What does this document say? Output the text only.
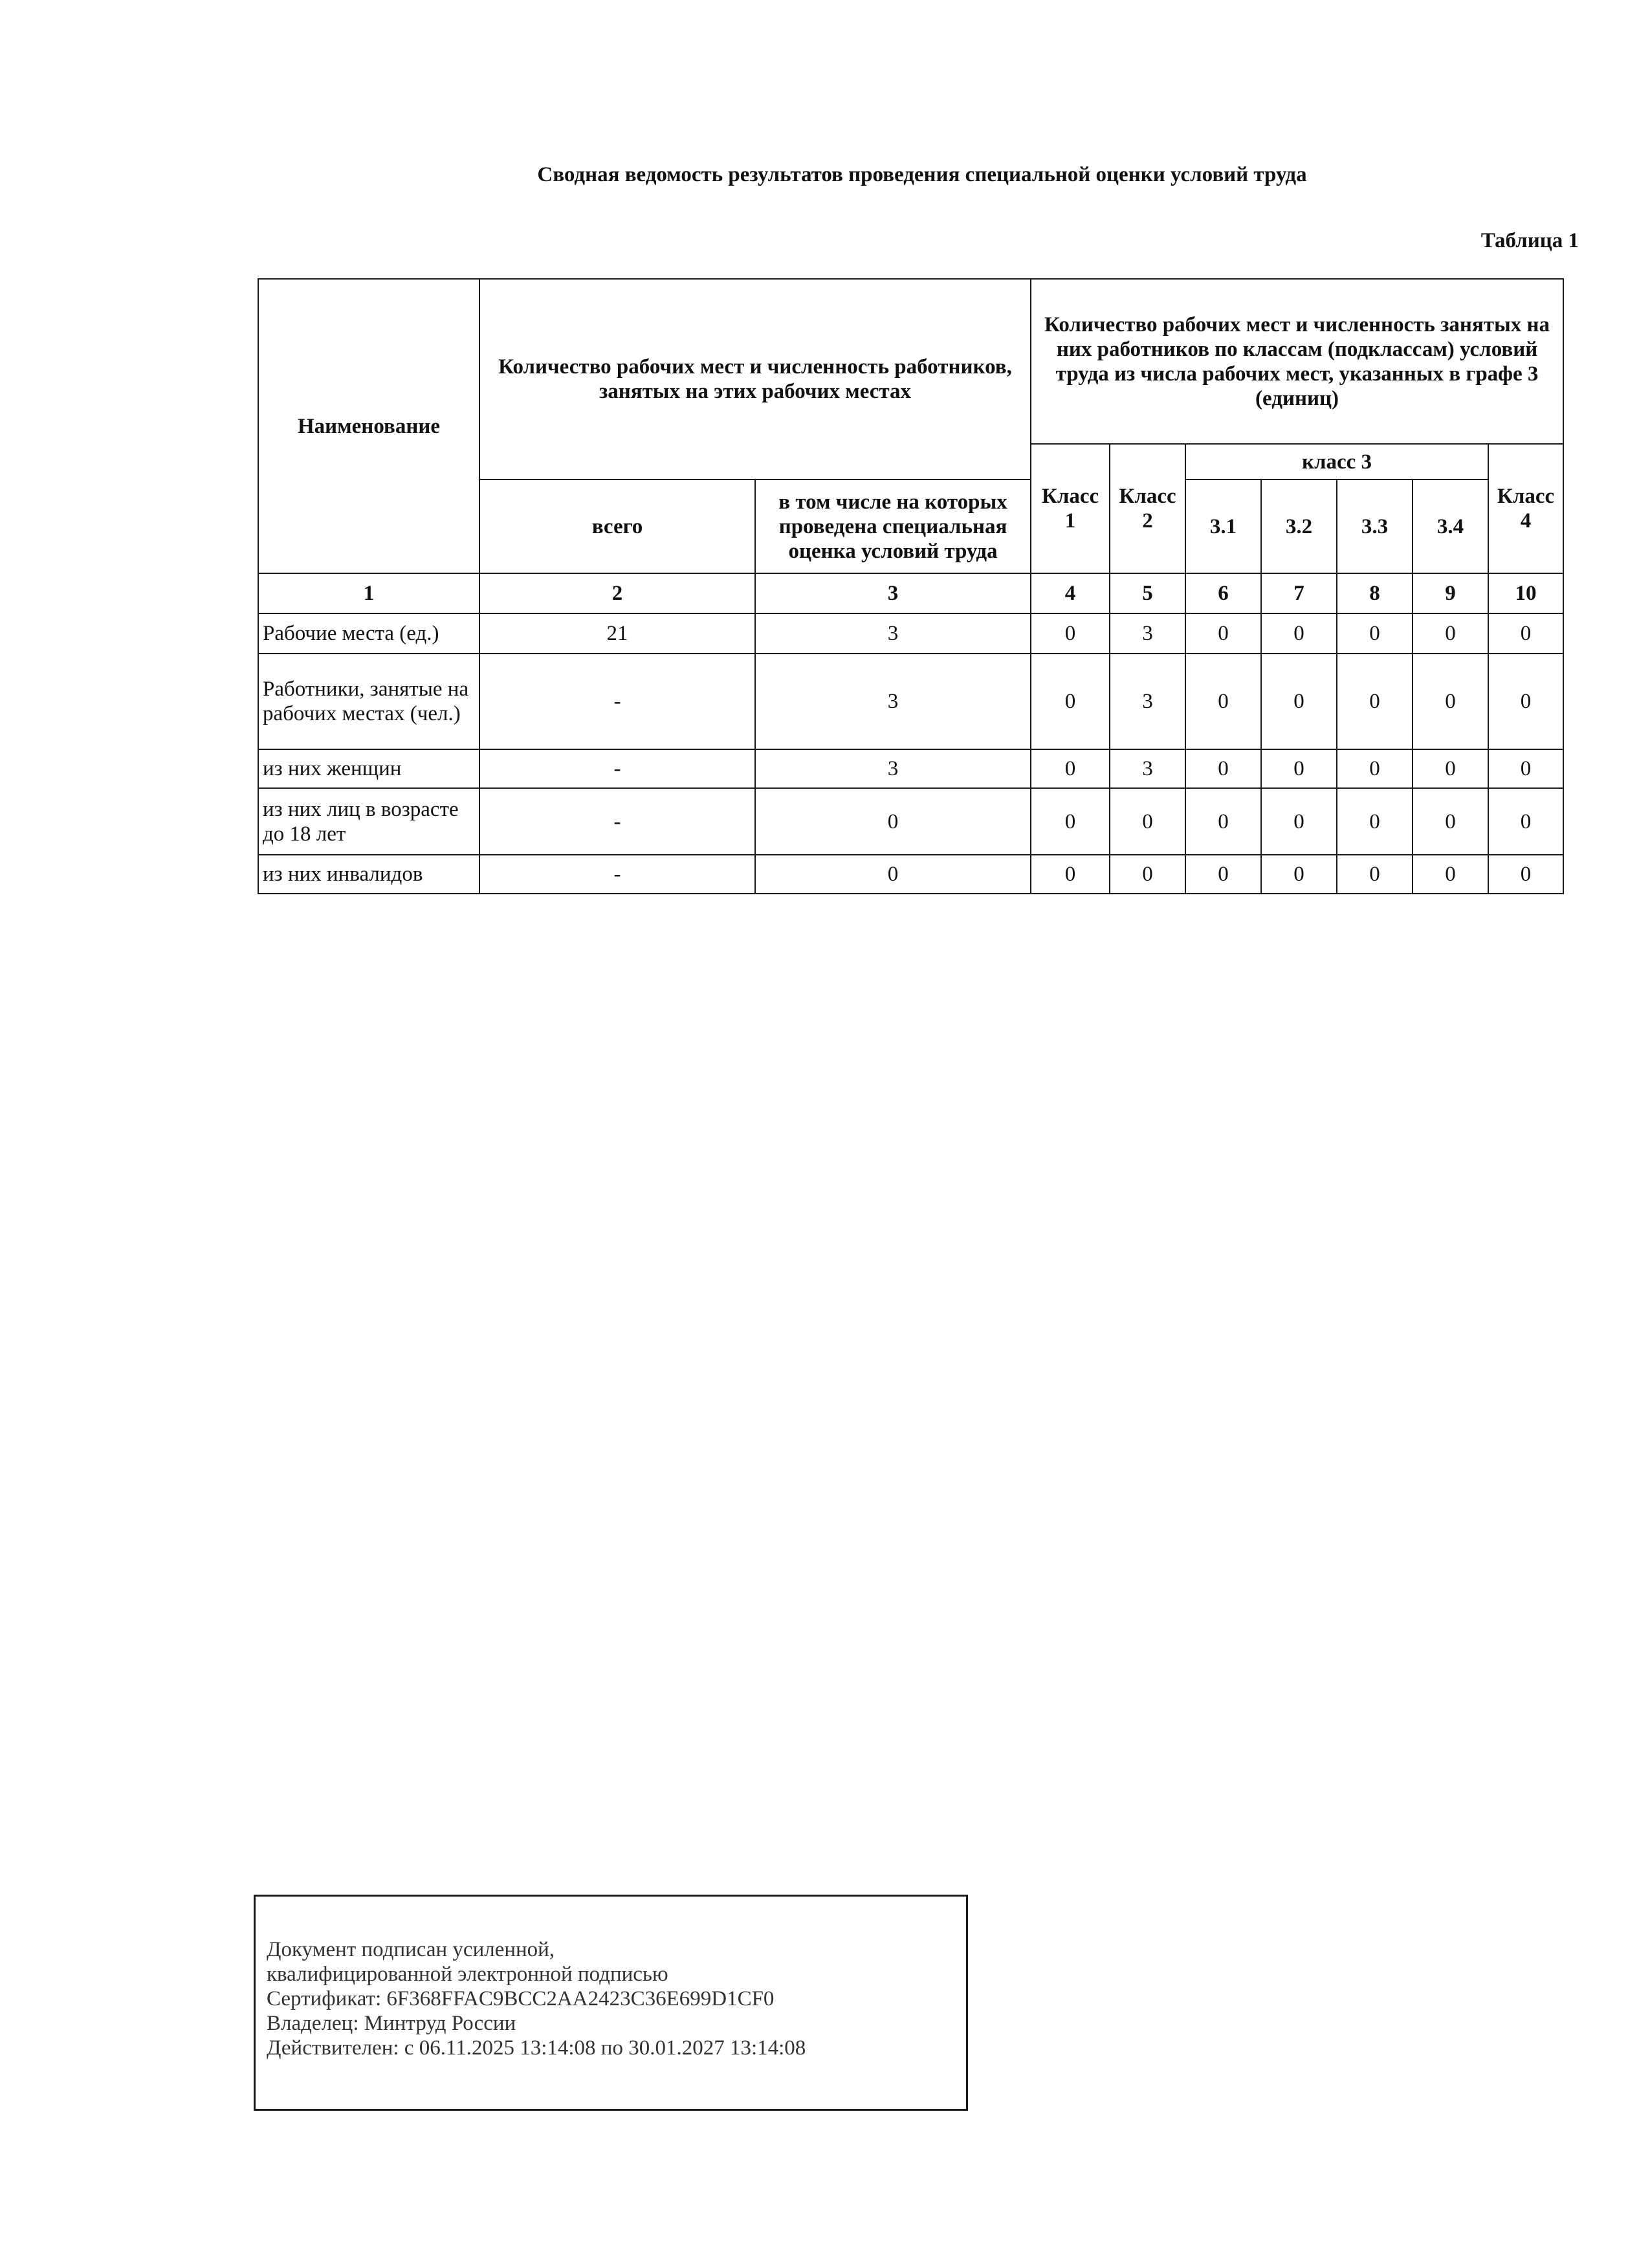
Сводная ведомость результатов проведения специальной оценки условий труда
Таблица 1
Наименование	Количество рабочих мест и численность работников, занятых на этих рабочих местах		Количество рабочих мест и численность занятых на них работников по классам (подклассам) условий труда из числа рабочих мест, указанных в графе 3 (единиц)						
			Класс 1	Класс 2	класс 3				Класс 4
	всего	в том числе на которых проведена специальная оценка условий труда			3.1	3.2	3.3	3.4	
1	2	3	4	5	6	7	8	9	10
Рабочие места (ед.)	21	3	0	3	0	0	0	0	0
Работники, занятые на рабочих местах (чел.)	-	3	0	3	0	0	0	0	0
из них женщин	-	3	0	3	0	0	0	0	0
из них лиц в возрасте до 18 лет	-	0	0	0	0	0	0	0	0
из них инвалидов	-	0	0	0	0	0	0	0	0
Документ подписан усиленной,
квалифицированной электронной подписью
Сертификат: 6F368FFAC9BCC2AA2423C36E699D1CF0
Владелец: Минтруд России
Действителен: с 06.11.2025 13:14:08 по 30.01.2027 13:14:08
